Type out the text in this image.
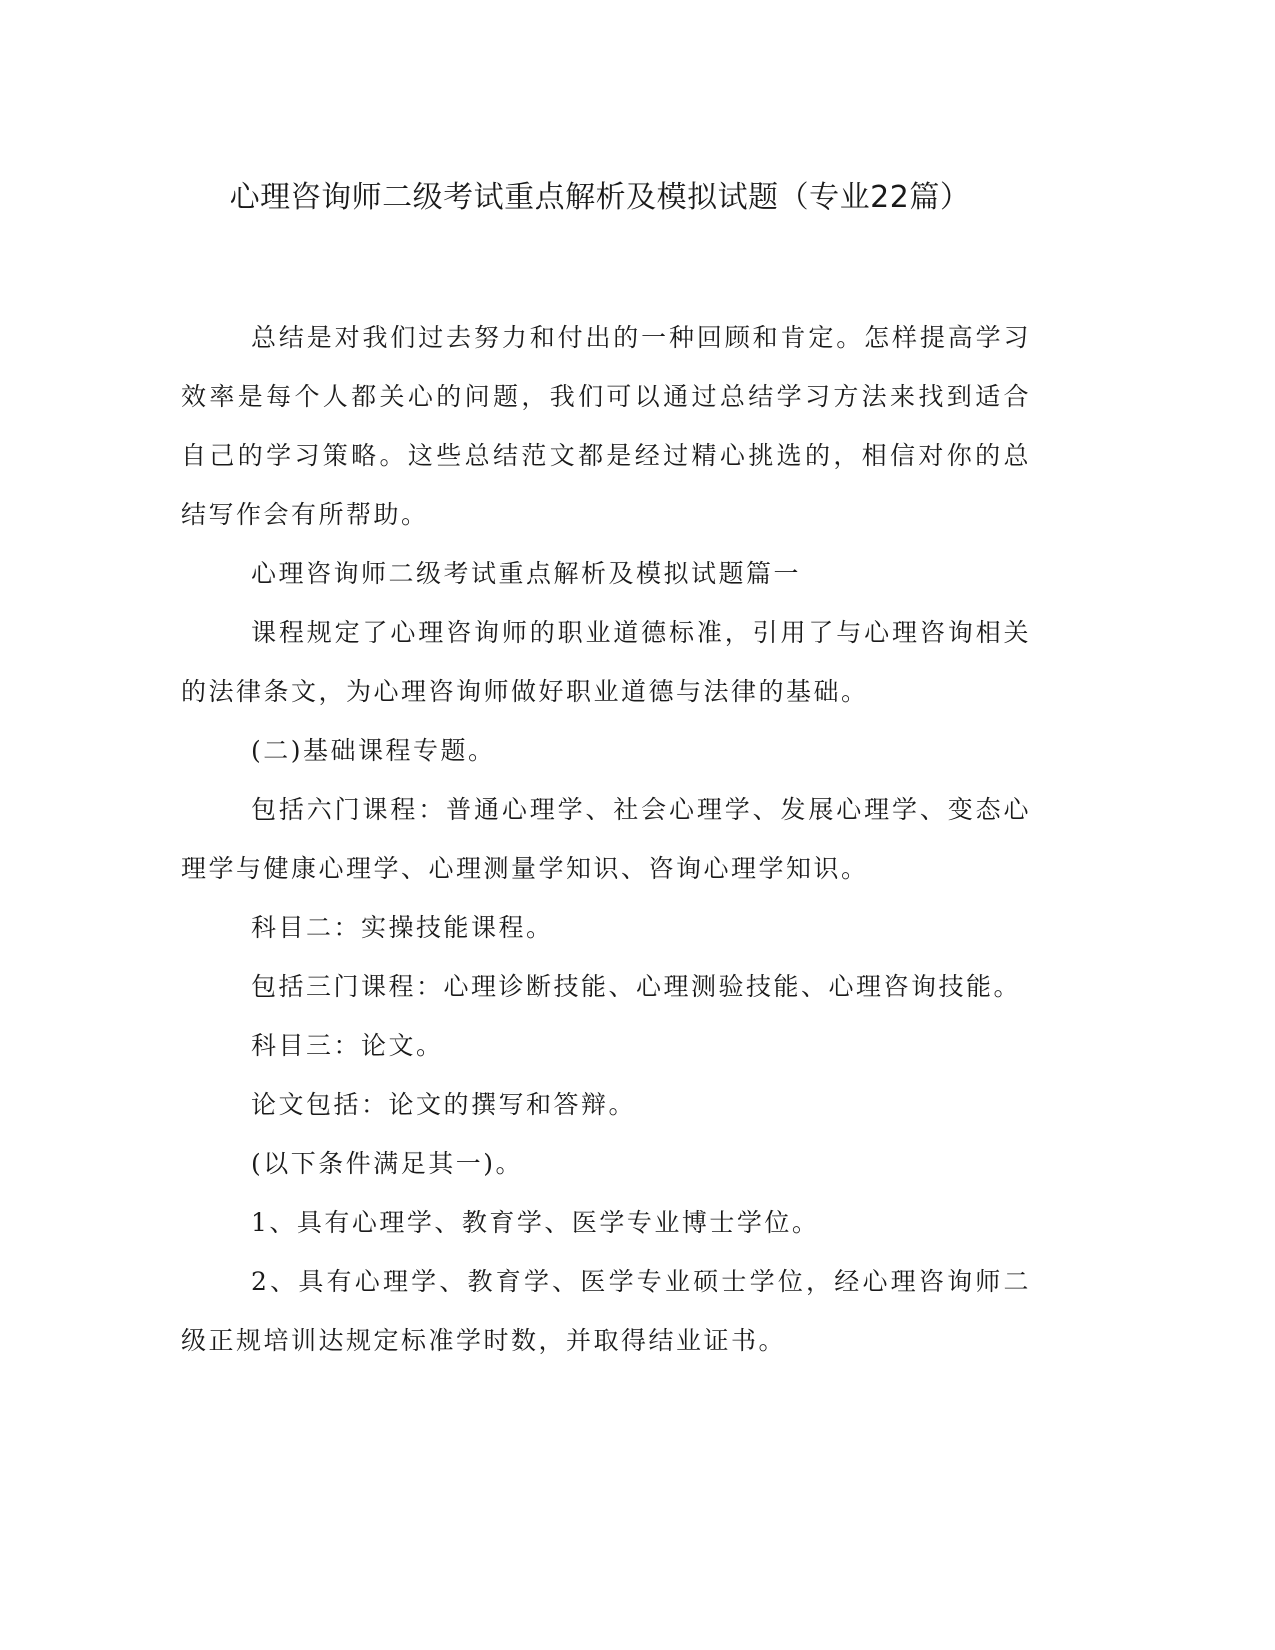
心理咨询师二级考试重点解析及模拟试题（专业22篇）

总结是对我们过去努力和付出的一种回顾和肯定。怎样提高学习效率是每个人都关心的问题，我们可以通过总结学习方法来找到适合自己的学习策略。这些总结范文都是经过精心挑选的，相信对你的总结写作会有所帮助。

心理咨询师二级考试重点解析及模拟试题篇一

课程规定了心理咨询师的职业道德标准，引用了与心理咨询相关的法律条文，为心理咨询师做好职业道德与法律的基础。

(二)基础课程专题。

包括六门课程：普通心理学、社会心理学、发展心理学、变态心理学与健康心理学、心理测量学知识、咨询心理学知识。

科目二：实操技能课程。

包括三门课程：心理诊断技能、心理测验技能、心理咨询技能。

科目三：论文。

论文包括：论文的撰写和答辩。

(以下条件满足其一)。

1、具有心理学、教育学、医学专业博士学位。

2、具有心理学、教育学、医学专业硕士学位，经心理咨询师二级正规培训达规定标准学时数，并取得结业证书。
